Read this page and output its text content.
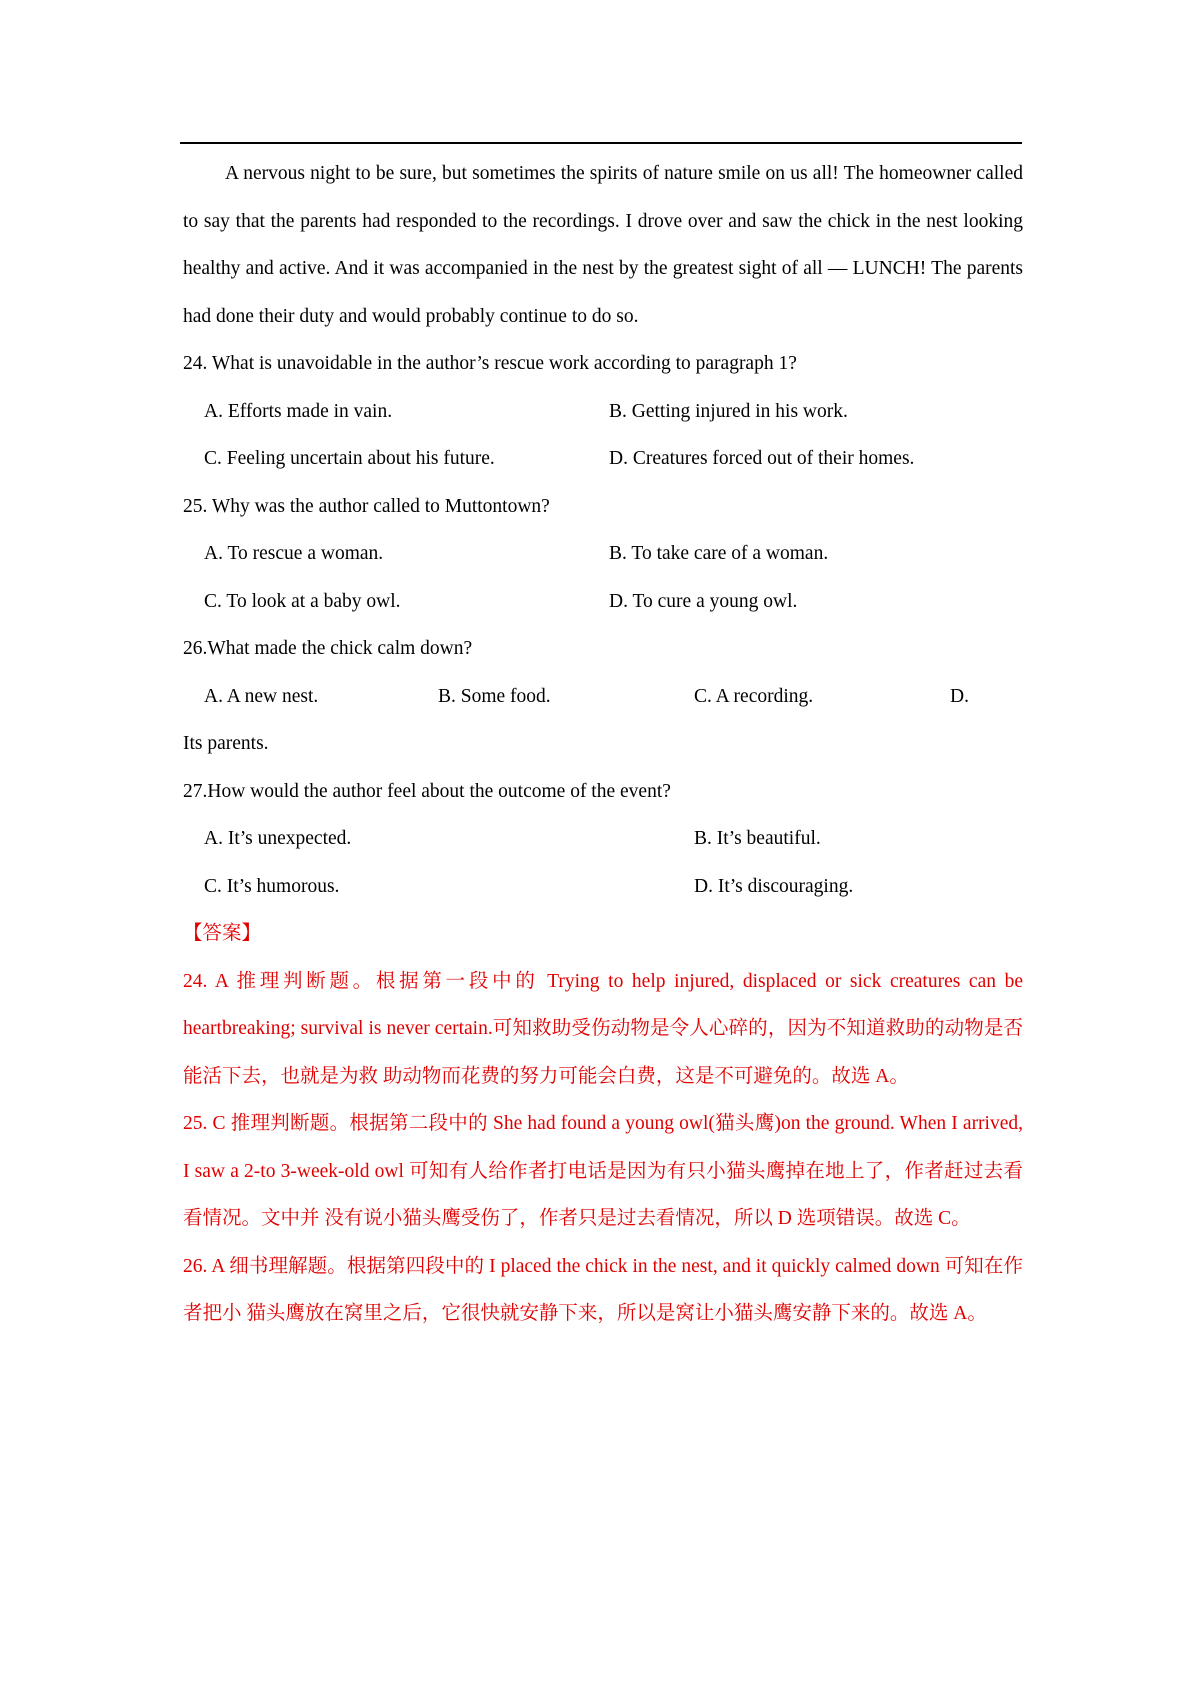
A nervous night to be sure, but sometimes the spirits of nature smile on us all! The homeowner called to say that the parents had responded to the recordings. I drove over and saw the chick in the nest looking healthy and active. And it was accompanied in the nest by the greatest sight of all — LUNCH! The parents had done their duty and would probably continue to do so.

24. What is unavoidable in the author’s rescue work according to paragraph 1?
A. Efforts made in vain.	B. Getting injured in his work.
C. Feeling uncertain about his future.	D. Creatures forced out of their homes.
25. Why was the author called to Muttontown?
A. To rescue a woman.	B. To take care of a woman.
C. To look at a baby owl.	D. To cure a young owl.
26.What made the chick calm down?
A. A new nest.	B. Some food.	C. A recording.	D.
Its parents.
27.How would the author feel about the outcome of the event?
A. It’s unexpected.	B. It’s beautiful.
C. It’s humorous.	D. It’s discouraging.
【答案】

24. A 推理判断题。根据第一段中的 Trying to help injured, displaced or sick creatures can be heartbreaking; survival is never certain.可知救助受伤动物是令人心碎的，因为不知道救助的动物是否能活下去，也就是为救 助动物而花费的努力可能会白费，这是不可避免的。故选 A。

25. C 推理判断题。根据第二段中的 She had found a young owl(猫头鹰)on the ground. When I arrived, I saw a 2-to 3-week-old owl 可知有人给作者打电话是因为有只小猫头鹰掉在地上了，作者赶过去看看情况。文中并 没有说小猫头鹰受伤了，作者只是过去看情况，所以 D 选项错误。故选 C。

26. A 细书理解题。根据第四段中的 I placed the chick in the nest, and it quickly calmed down 可知在作者把小 猫头鹰放在窝里之后，它很快就安静下来，所以是窝让小猫头鹰安静下来的。故选 A。
